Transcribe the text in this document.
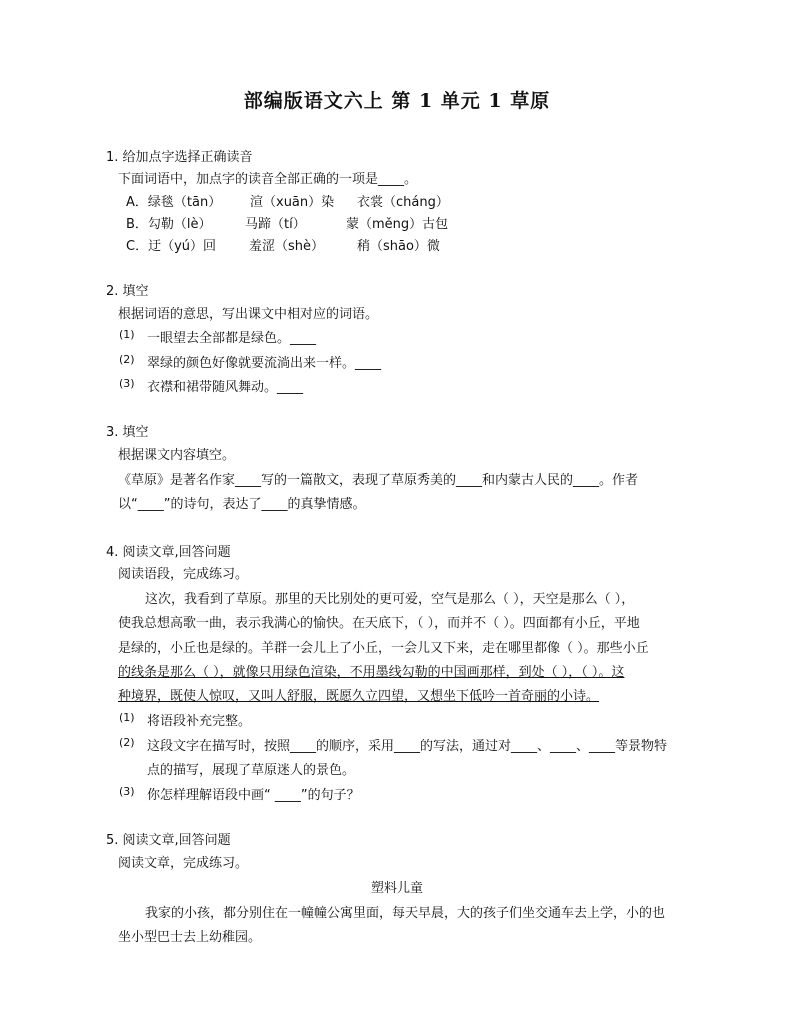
部编版语文六上 第 1 单元 1 草原
1. 给加点字选择正确读音
下面词语中，加点字的读音全部正确的一项是____。
A．绿毯（tān） 渲（xuān）染 衣裳（cháng）
B．勾勒（lè）	马蹄（tí）	蒙（měng）古包
C．迂（yú）回	羞涩（shè）	稍（shāo）微
2. 填空
根据词语的意思，写出课文中相对应的词语。
(1) 一眼望去全部都是绿色。____
(2) 翠绿的颜色好像就要流淌出来一样。____
(3) 衣襟和裙带随风舞动。____
3. 填空
根据课文内容填空。
《草原》是著名作家____写的一篇散文，表现了草原秀美的____和内蒙古人民的____。作者
以“____”的诗句，表达了____的真挚情感。
4. 阅读文章,回答问题
阅读语段，完成练习。
这次，我看到了草原。那里的天比别处的更可爱，空气是那么（ ），天空是那么（ ），
使我总想高歌一曲，表示我满心的愉快。在天底下，（ ），而并不（ ）。四面都有小丘，平地
是绿的，小丘也是绿的。羊群一会儿上了小丘，一会儿又下来，走在哪里都像（ ）。那些小丘
的线条是那么（ ），就像只用绿色渲染，不用墨线勾勒的中国画那样，到处（ ），（ ）。这
种境界，既使人惊叹，又叫人舒服，既愿久立四望，又想坐下低吟一首奇丽的小诗。
(1) 将语段补充完整。
(2) 这段文字在描写时，按照____的顺序，采用____的写法，通过对____、____、____等景物特
点的描写，展现了草原迷人的景色。
(3) 你怎样理解语段中画“ ____”的句子？
5. 阅读文章,回答问题
阅读文章，完成练习。
塑料儿童
我家的小孩，都分别住在一幢幢公寓里面，每天早晨，大的孩子们坐交通车去上学，小的也
坐小型巴士去上幼稚园。
